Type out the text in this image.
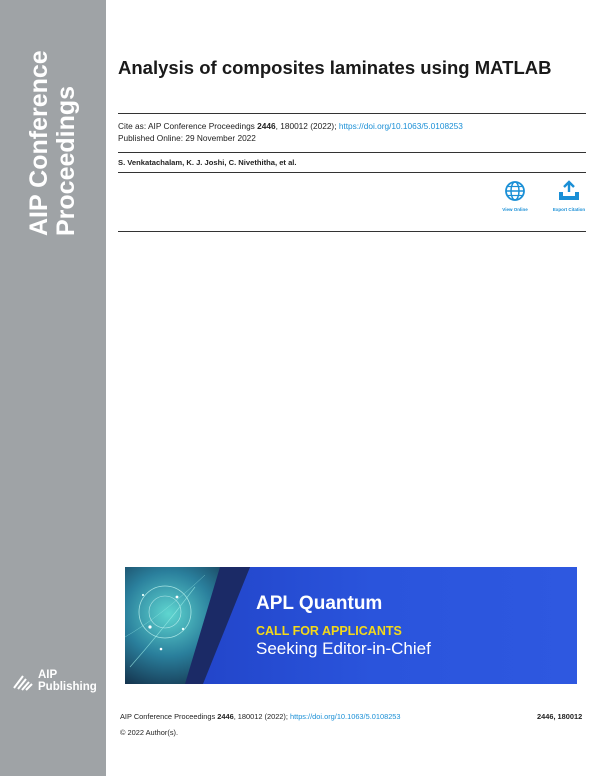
AIP Conference Proceedings
AIP
Publishing
Analysis of composites laminates using MATLAB
Cite as: AIP Conference Proceedings 2446, 180012 (2022); https://doi.org/10.1063/5.0108253
Published Online: 29 November 2022
S. Venkatachalam, K. J. Joshi, C. Nivethitha, et al.
View Online	Export Citation
APL Quantum
CALL FOR APPLICANTS
Seeking Editor-in-Chief
AIP Conference Proceedings 2446, 180012 (2022); https://doi.org/10.1063/5.0108253	2446, 180012
© 2022 Author(s).
